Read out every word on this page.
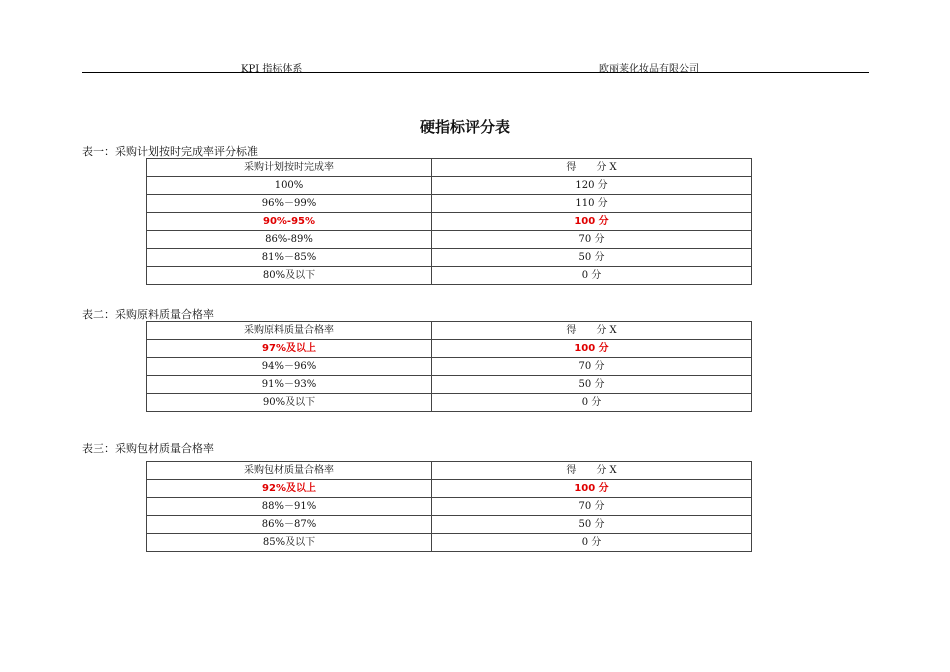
KPI 指标体系	欧丽莱化妆品有限公司
硬指标评分表
表一：采购计划按时完成率评分标准
采购计划按时完成率	得　　分 X
100%	120 分
96%－99%	110 分
90%-95%	100 分
86%-89%	70 分
81%－85%	50 分
80%及以下	0 分
表二：采购原料质量合格率
采购原料质量合格率	得　　分 X
97%及以上	100 分
94%－96%	70 分
91%－93%	50 分
90%及以下	0 分
表三：采购包材质量合格率
采购包材质量合格率	得　　分 X
92%及以上	100 分
88%－91%	70 分
86%－87%	50 分
85%及以下	0 分
